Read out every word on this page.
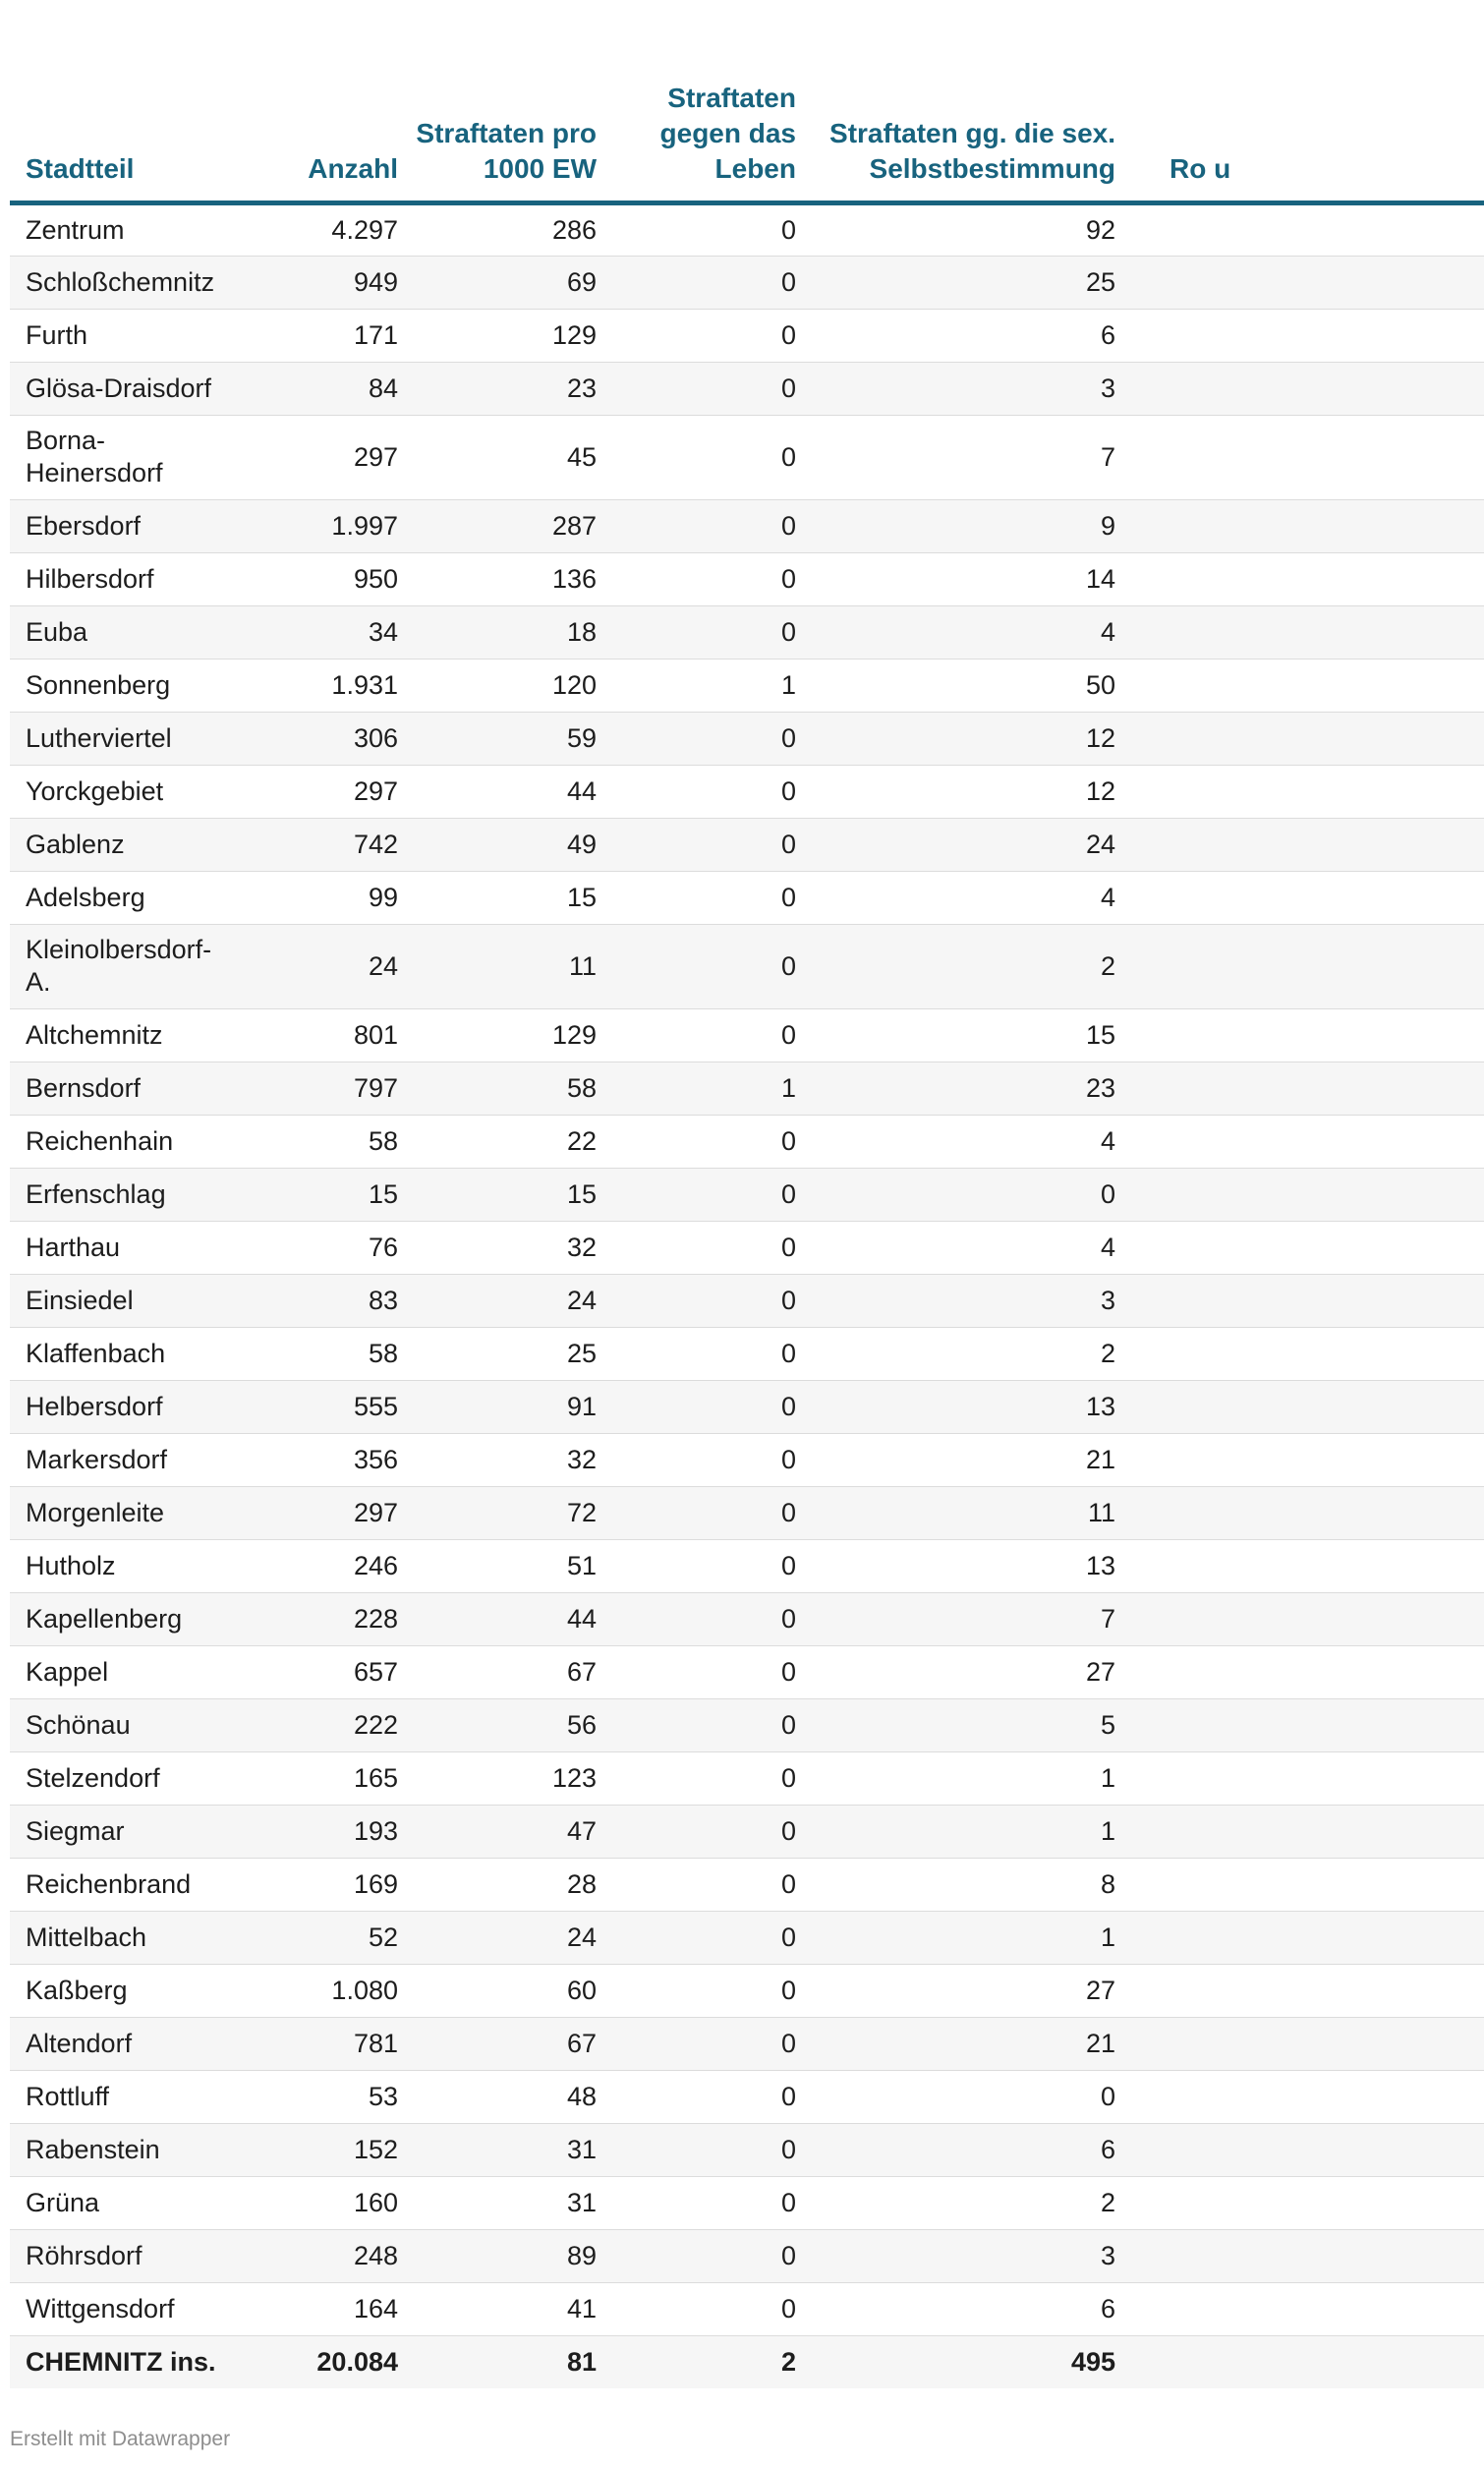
Stadtteil	Anzahl	Straftaten pro 1000 EW	Straftaten gegen das Leben	Straftaten gg. die sex. Selbstbestimmung	Ro u
Zentrum	4.297	286	0	92	
Schloßchemnitz	949	69	0	25	
Furth	171	129	0	6	
Glösa-Draisdorf	84	23	0	3	
Borna-Heinersdorf	297	45	0	7	
Ebersdorf	1.997	287	0	9	
Hilbersdorf	950	136	0	14	
Euba	34	18	0	4	
Sonnenberg	1.931	120	1	50	
Lutherviertel	306	59	0	12	
Yorckgebiet	297	44	0	12	
Gablenz	742	49	0	24	
Adelsberg	99	15	0	4	
Kleinolbersdorf-A.	24	11	0	2	
Altchemnitz	801	129	0	15	
Bernsdorf	797	58	1	23	
Reichenhain	58	22	0	4	
Erfenschlag	15	15	0	0	
Harthau	76	32	0	4	
Einsiedel	83	24	0	3	
Klaffenbach	58	25	0	2	
Helbersdorf	555	91	0	13	
Markersdorf	356	32	0	21	
Morgenleite	297	72	0	11	
Hutholz	246	51	0	13	
Kapellenberg	228	44	0	7	
Kappel	657	67	0	27	
Schönau	222	56	0	5	
Stelzendorf	165	123	0	1	
Siegmar	193	47	0	1	
Reichenbrand	169	28	0	8	
Mittelbach	52	24	0	1	
Kaßberg	1.080	60	0	27	
Altendorf	781	67	0	21	
Rottluff	53	48	0	0	
Rabenstein	152	31	0	6	
Grüna	160	31	0	2	
Röhrsdorf	248	89	0	3	
Wittgensdorf	164	41	0	6	
CHEMNITZ ins.	20.084	81	2	495	
Erstellt mit Datawrapper
